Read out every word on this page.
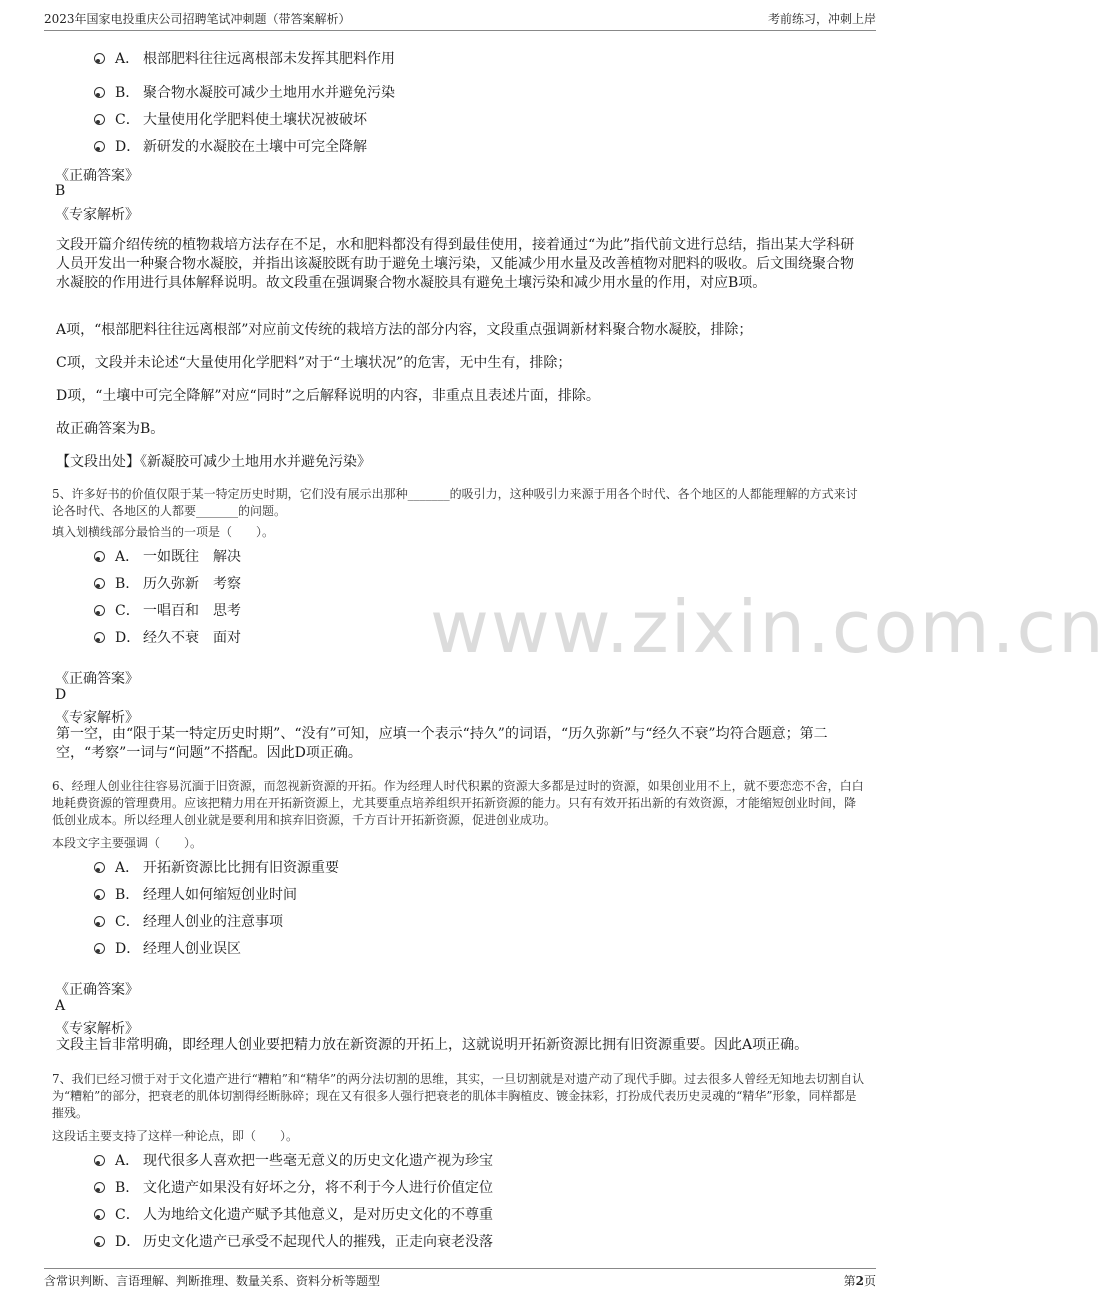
2023年国家电投重庆公司招聘笔试冲刺题（带答案解析）	考前练习，冲刺上岸
www.zixin.com.cn
A． 根部肥料往往远离根部未发挥其肥料作用
B. 聚合物水凝胶可减少土地用水并避免污染
C． 大量使用化学肥料使土壤状况被破坏
D． 新研发的水凝胶在土壤中可完全降解
《正确答案》
B
《专家解析》
文段开篇介绍传统的植物栽培方法存在不足，水和肥料都没有得到最佳使用，接着通过“为此”指代前文进行总结，指出某大学科研人员开发出一种聚合物水凝胶，并指出该凝胶既有助于避免土壤污染，又能减少用水量及改善植物对肥料的吸收。后文围绕聚合物水凝胶的作用进行具体解释说明。故文段重在强调聚合物水凝胶具有避免土壤污染和减少用水量的作用，对应B项。
A项，“根部肥料往往远离根部”对应前文传统的栽培方法的部分内容，文段重点强调新材料聚合物水凝胶，排除；
C项，文段并未论述“大量使用化学肥料”对于“土壤状况”的危害，无中生有，排除；
D项，“土壤中可完全降解”对应“同时”之后解释说明的内容，非重点且表述片面，排除。
故正确答案为B。
【文段出处】《新凝胶可减少土地用水并避免污染》
5、许多好书的价值仅限于某一特定历史时期，它们没有展示出那种_______的吸引力，这种吸引力来源于用各个时代、各个地区的人都能理解的方式来讨论各时代、各地区的人都要_______的问题。
填入划横线部分最恰当的一项是（　　）。
A． 一如既往　解决
B. 历久弥新　考察
C． 一唱百和　思考
D． 经久不衰　面对
《正确答案》
D
《专家解析》
第一空，由“限于某一特定历史时期”、“没有”可知，应填一个表示“持久”的词语，“历久弥新”与“经久不衰”均符合题意；第二空，“考察”一词与“问题”不搭配。因此D项正确。
6、经理人创业往往容易沉湎于旧资源，而忽视新资源的开拓。作为经理人时代积累的资源大多都是过时的资源，如果创业用不上，就不要恋恋不舍，白白地耗费资源的管理费用。应该把精力用在开拓新资源上，尤其要重点培养组织开拓新资源的能力。只有有效开拓出新的有效资源，才能缩短创业时间，降低创业成本。所以经理人创业就是要利用和摈弃旧资源，千方百计开拓新资源，促进创业成功。
本段文字主要强调（　　）。
A． 开拓新资源比比拥有旧资源重要
B. 经理人如何缩短创业时间
C． 经理人创业的注意事项
D． 经理人创业误区
《正确答案》
A
《专家解析》
文段主旨非常明确，即经理人创业要把精力放在新资源的开拓上，这就说明开拓新资源比拥有旧资源重要。因此A项正确。
7、我们已经习惯于对于文化遗产进行“糟粕”和“精华”的两分法切割的思维，其实，一旦切割就是对遗产动了现代手脚。过去很多人曾经无知地去切割自认为“糟粕”的部分，把衰老的肌体切割得经断脉碎；现在又有很多人强行把衰老的肌体丰胸植皮、镀金抹彩，打扮成代表历史灵魂的“精华”形象，同样都是摧残。
这段话主要支持了这样一种论点，即（　　）。
A． 现代很多人喜欢把一些毫无意义的历史文化遗产视为珍宝
B. 文化遗产如果没有好坏之分，将不利于今人进行价值定位
C． 人为地给文化遗产赋予其他意义，是对历史文化的不尊重
D． 历史文化遗产已承受不起现代人的摧残，正走向衰老没落
含常识判断、言语理解、判断推理、数量关系、资料分析等题型	第2页
